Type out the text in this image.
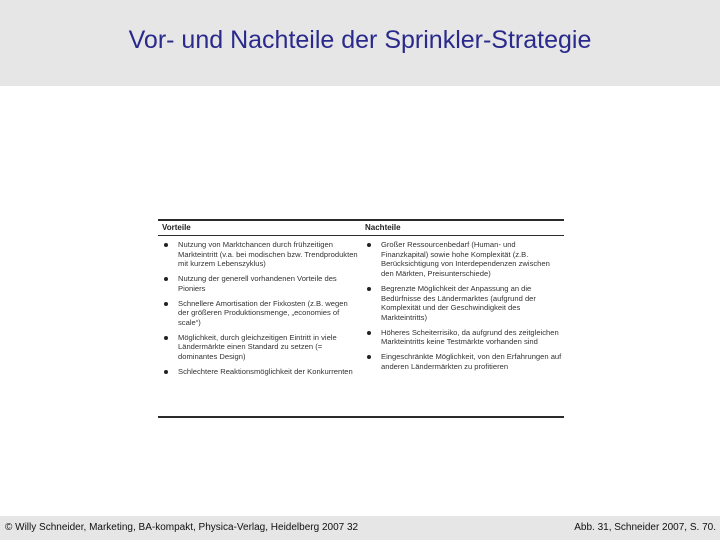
Vor- und Nachteile der Sprinkler-Strategie
Vorteile
Nutzung von Marktchancen durch frühzeitigen Markteintritt (v.a. bei modischen bzw. Trendprodukten mit kurzem Lebenszyklus)
Nutzung der generell vorhandenen Vorteile des Pioniers
Schnellere Amortisation der Fixkosten (z.B. wegen der größeren Produktionsmenge, „economies of scale“)
Möglichkeit, durch gleichzeitigen Eintritt in viele Ländermärkte einen Standard zu setzen (= dominantes Design)
Schlechtere Reaktionsmöglichkeit der Konkurrenten
Nachteile
Großer Ressourcenbedarf (Human- und Finanzkapital) sowie hohe Komplexität (z.B. Berücksichtigung von Interdependenzen zwischen den Märkten, Preisunterschiede)
Begrenzte Möglichkeit der Anpassung an die Bedürfnisse des Ländermarktes (aufgrund der Komplexität und der Geschwindigkeit des Markteintritts)
Höheres Scheiterrisiko, da aufgrund des zeitgleichen Markteintritts keine Testmärkte vorhanden sind
Eingeschränkte Möglichkeit, von den Erfahrungen auf anderen Ländermärkten zu profitieren
© Willy Schneider, Marketing, BA-kompakt, Physica-Verlag, Heidelberg 2007 32	Abb. 31, Schneider 2007, S. 70.
